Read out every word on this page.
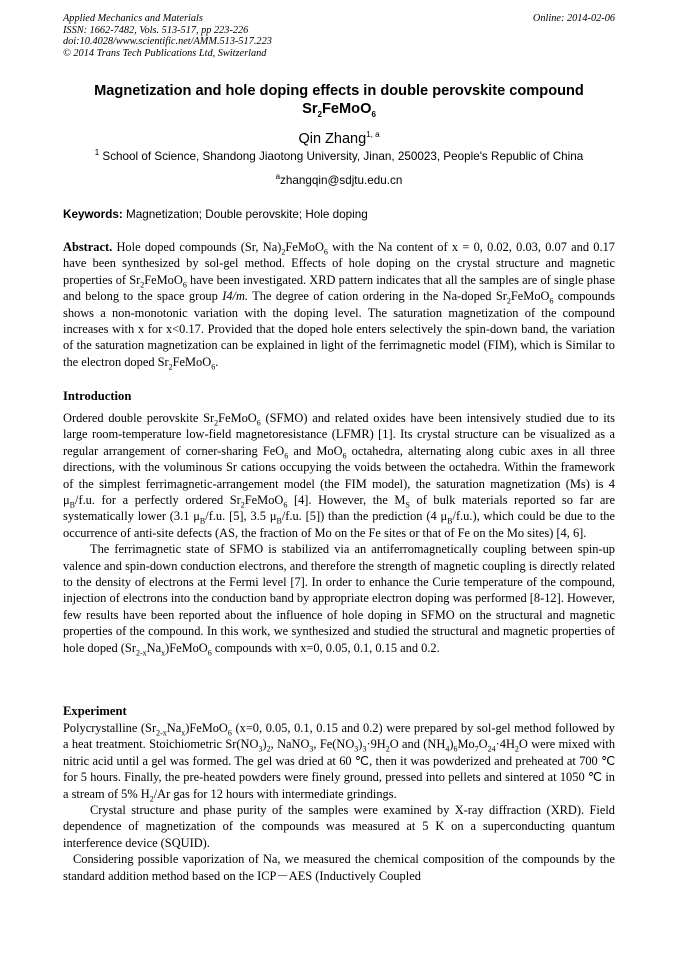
Applied Mechanics and Materials
ISSN: 1662-7482, Vols. 513-517, pp 223-226
doi:10.4028/www.scientific.net/AMM.513-517.223
© 2014 Trans Tech Publications Ltd, Switzerland
Online: 2014-02-06
Magnetization and hole doping effects in double perovskite compound
$Sr_2FeMoO_6$
Qin Zhang$^{1, a}$
$^1$ School of Science, Shandong Jiaotong University, Jinan, 250023, People's Republic of China
$^a$zhangqin@sdjtu.edu.cn
Keywords: Magnetization; Double perovskite; Hole doping

Abstract. Hole doped compounds (Sr, $Na)_2FeMoO_6$ with the Na content of x = 0, 0.02, 0.03, 0.07 and 0.17 have been synthesized by sol-gel method. Effects of hole doping on the crystal structure and magnetic properties of $Sr_2FeMoO_6$ have been investigated. XRD pattern indicates that all the samples are of single phase and belong to the space group I4/m. The degree of cation ordering in the Na-doped $Sr_2FeMoO_6$ compounds shows a non-monotonic variation with the doping level. The saturation magnetization of the compound increases with x for x<0.17. Provided that the doped hole enters selectively the spin-down band, the variation of the saturation magnetization can be explained in light of the ferrimagnetic model (FIM), which is Similar to the electron doped $Sr_2FeMoO_6$.

Introduction

Ordered double perovskite $Sr_2FeMoO_6$ (SFMO) and related oxides have been intensively studied due to its large room-temperature low-field magnetoresistance (LFMR) [1]. Its crystal structure can be visualized as a regular arrangement of corner-sharing FeO$_6$ and MoO$_6$ octahedra, alternating along cubic axes in all three directions, with the voluminous Sr cations occupying the voids between the octahedra. Within the framework of the simplest ferrimagnetic-arrangement model (the FIM model), the saturation magnetization (Ms) is 4 $\mu_B/f.u$. for a perfectly ordered $Sr_2FeMoO_6$ [4]. However, the $M_S$ of bulk materials reported so far are systematically lower (3.1 $\mu_B/f.u$. [5], 3.5 $\mu_B/f.u$. [5]) than the prediction (4 $\mu_B/f.u$.), which could be due to the occurrence of anti-site defects (AS, the fraction of Mo on the Fe sites or that of Fe on the Mo sites) [4, 6].

The ferrimagnetic state of SFMO is stabilized via an antiferromagnetically coupling between spin-up valence and spin-down conduction electrons, and therefore the strength of magnetic coupling is directly related to the density of electrons at the Fermi level [7]. In order to enhance the Curie temperature of the compound, injection of electrons into the conduction band by appropriate electron doping was performed [8-12]. However, few results have been reported about the influence of hole doping in SFMO on the structural and magnetic properties of the compound. In this work, we synthesized and studied the structural and magnetic properties of hole doped $(Sr_{2-x}Na_x)FeMoO_6$ compounds with x=0, 0.05, 0.1, 0.15 and 0.2.

Experiment

Polycrystalline $(Sr_{2-x}Na_x)FeMoO_6$ (x=0, 0.05, 0.1, 0.15 and 0.2) were prepared by sol-gel method followed by a heat treatment. Stoichiometric $Sr(NO_3)_2$, NaNO$_3$, $Fe(NO_3)_3\cdot 9H_2O$ and $(NH_4)_6Mo_7O_{24}\cdot 4H_2O$ were mixed with nitric acid until a gel was formed. The gel was dried at 60 ℃, then it was powderized and preheated at 700 ℃ for 5 hours. Finally, the pre-heated powders were finely ground, pressed into pellets and sintered at 1050 ℃ in a stream of 5% $H_2/Ar$ gas for 12 hours with intermediate grindings.

Crystal structure and phase purity of the samples were examined by X-ray diffraction (XRD). Field dependence of magnetization of the compounds was measured at 5 K on a superconducting quantum interference device (SQUID).

Considering possible vaporization of Na, we measured the chemical composition of the compounds by the standard addition method based on the ICP－AES (Inductively Coupled
